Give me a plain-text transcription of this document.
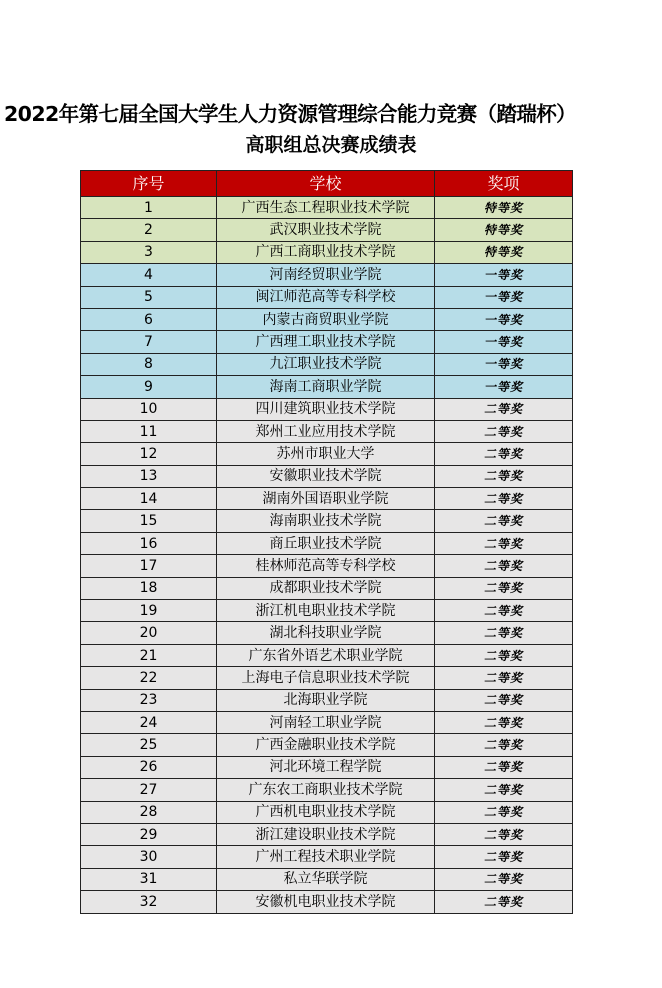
2022年第七届全国大学生人力资源管理综合能力竞赛（踏瑞杯）
高职组总决赛成绩表
序号	学校	奖项
1	广西生态工程职业技术学院	特等奖
2	武汉职业技术学院	特等奖
3	广西工商职业技术学院	特等奖
4	河南经贸职业学院	一等奖
5	闽江师范高等专科学校	一等奖
6	内蒙古商贸职业学院	一等奖
7	广西理工职业技术学院	一等奖
8	九江职业技术学院	一等奖
9	海南工商职业学院	一等奖
10	四川建筑职业技术学院	二等奖
11	郑州工业应用技术学院	二等奖
12	苏州市职业大学	二等奖
13	安徽职业技术学院	二等奖
14	湖南外国语职业学院	二等奖
15	海南职业技术学院	二等奖
16	商丘职业技术学院	二等奖
17	桂林师范高等专科学校	二等奖
18	成都职业技术学院	二等奖
19	浙江机电职业技术学院	二等奖
20	湖北科技职业学院	二等奖
21	广东省外语艺术职业学院	二等奖
22	上海电子信息职业技术学院	二等奖
23	北海职业学院	二等奖
24	河南轻工职业学院	二等奖
25	广西金融职业技术学院	二等奖
26	河北环境工程学院	二等奖
27	广东农工商职业技术学院	二等奖
28	广西机电职业技术学院	二等奖
29	浙江建设职业技术学院	二等奖
30	广州工程技术职业学院	二等奖
31	私立华联学院	二等奖
32	安徽机电职业技术学院	二等奖
